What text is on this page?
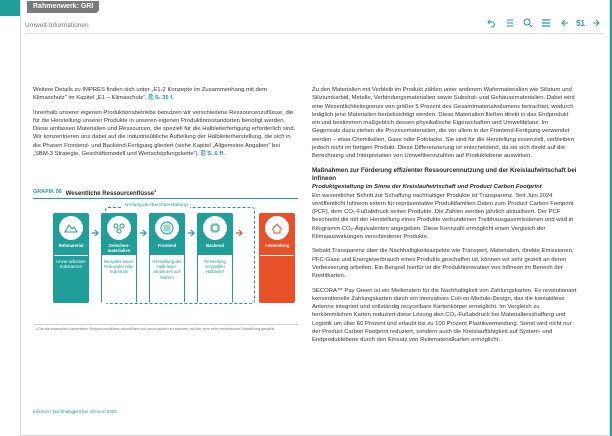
Rahmenwerk: GRI
Umwelt-Informationen	51

Weitere Details zu IMPRES finden sich unter „E1-2 Konzepte im Zusammenhang mit dem Klimaschutz“ im Kapitel „E1 – Klimaschutz“. ⎘ S. 35 f.

Innerhalb unserer eigenen Produktionsbetriebe benutzen wir verschiedene Ressourcenzuflüsse, die für die Herstellung unserer Produkte in unseren eigenen Produktionsstandorten benötigt werden. Diese umfassen Materialien und Ressourcen, die speziell für die Halbleiterfertigung erforderlich sind. Wir konzentrieren uns dabei auf die industrieübliche Aufteilung der Halbleiterherstellung, die sich in die Phasen Frontend- und Backend-Fertigung gliedert (siehe Kapitel „Allgemeine Angaben“ bei „SBM-3 Strategie, Geschäftsmodell und Wertschöpfungskette“). ⎘ S. 6 ff.

GRAFIK 06 Wesentliche Ressourcenflüsse$^1$
Umfang der Berichterstattung
Rohmaterial
Unver-arbeitete Substanzen
Zwischen-materialien
Beispiels-weise Roh-wafer oder Substrate
Frontend
Herstellung der Halb-leiter-strukturen auf Wafern
Backend
Herstellung verpackter Halbleiter
Anwendung
1 Die als wesentlich bewerteten Ressourcenflüsse abzubilden und verschaulich zu machen, ist hier eine sehr vereinfachte Darstellung gewählt.

Zu den Materialien mit Verbleib im Produkt zählen unter anderem Wafermaterialien wie Silizium und Siliziumkarbid, Metalle, Verbindungsmaterialien sowie Substrat- und Gehäusematerialien. Dabei wird eine Wesentlichkeitsgrenze von größer 5 Prozent des Gesamtmaterialvolumens betrachtet, wodurch lediglich jene Materialien berücksichtigt werden. Diese Materialien fließen direkt in das Endprodukt ein und bestimmen maßgeblich dessen physikalische Eigenschaften und Umweltbilanz. Im Gegensatz dazu stehen die Prozessmaterialien, die vor allem in der Frontend-Fertigung verwendet werden – etwa Chemikalien, Gase oder Fotolacke. Sie sind für die Herstellung essenziell, verbleiben jedoch nicht im fertigen Produkt. Diese Differenzierung ist entscheidend, da sie sich direkt auf die Berechnung und Interpretation von Umweltkennzahlen auf Produktebene auswirken.

Maßnahmen zur Förderung effizienter Ressourcennutzung und der Kreislaufwirtschaft bei Infineon

Produktgestaltung im Sinne der Kreislaufwirtschaft und Product Carbon Footprint

Ein wesentlicher Schritt zur Schaffung nachhaltiger Produkte ist Transparenz. Seit Juni 2024 veröffentlicht Infineon extern für repräsentative Produktfamilien Daten zum Product Carbon Footprint (PCF), dem CO₂-Fußabdruck seiner Produkte. Die Zahlen werden jährlich aktualisiert. Der PCF beschreibt die mit der Herstellung eines Produkts verbundenen Treibhausgasemissionen und wird in Kilogramm CO₂-Äquivalenten angegeben. Diese Kennzahl ermöglicht einen Vergleich der Klimaauswirkungen verschiedener Produkte.

Sobald Transparenz über die Nachhaltigkeitsaspekte wie Transport, Materialien, direkte Emissionen, PFC-Gase und Energieverbrauch eines Produkts geschaffen ist, können wir sehr gezielt an deren Verbesserung arbeiten. Ein Beispiel hierfür ist die Produktinnovation von Infineon im Bereich der Kreditkarten.

SECORA™ Pay Green ist ein Meilenstein für die Nachhaltigkeit von Zahlungskarten. Es revolutioniert konventionelle Zahlungskarten durch ein innovatives Coil-on-Module-Design, das die kontaktlose Antenne integriert und vollständig recycelbare Kartenkörper ermöglicht. Im Vergleich zu herkömmlichen Karten reduziert diese Lösung den CO₂-Fußabdruck bei Materialbeschaffung und Logistik um über 60 Prozent und erlaubt bis zu 100 Prozent Plastikvermeidung. Somit wird nicht nur der Product Carbon Footprint reduziert, sondern auch die Kreislauffähigkeit auf System- und Endproduktebene durch den Einsatz von Reinmaterialkarten ermöglicht.

Infineon | Nachhaltigkeit bei Infineon 2025
